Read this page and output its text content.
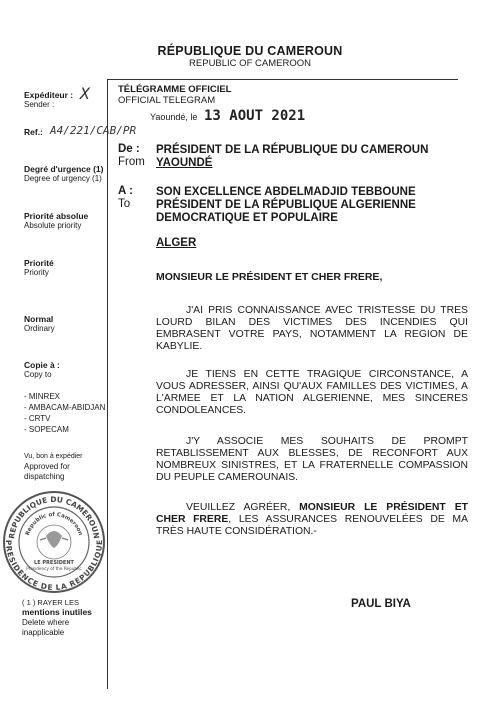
RÉPUBLIQUE DU CAMEROUN
REPUBLIC OF CAMEROON
Expéditeur :
Sender :
X
Ref.: A4/221/CAB/PR
Degré d'urgence (1)
Degree of urgency (1)
Priorité absolue
Absolute priority
Priorité
Priority
Normal
Ordinary
Copie à :
Copy to
- MINREX
- AMBACAM-ABIDJAN
- CRTV
- SOPECAM
Vu, bon à expédier
Approved for
dispatching
REPUBLIQUE DU CAMEROUN
PRESIDENCE DE LA REPUBLIQUE
Republic of Cameroon
LE PRESIDENT
Presidency of the Republic
( 1 ) RAYER LES
mentions inutiles
Delete where
inapplicable
TÉLÉGRAMME OFFICIEL
OFFICIAL TELEGRAM
Yaoundé, le 13 AOUT 2021
De :
From
PRÉSIDENT DE LA RÉPUBLIQUE DU CAMEROUN
YAOUNDÉ
A :
To
SON EXCELLENCE ABDELMADJID TEBBOUNE
PRÉSIDENT DE LA RÉPUBLIQUE ALGERIENNE
DEMOCRATIQUE ET POPULAIRE
ALGER
MONSIEUR LE PRÉSIDENT ET CHER FRERE,
J'AI PRIS CONNAISSANCE AVEC TRISTESSE DU TRES LOURD BILAN DES VICTIMES DES INCENDIES QUI EMBRASENT VOTRE PAYS, NOTAMMENT LA REGION DE KABYLIE.
JE TIENS EN CETTE TRAGIQUE CIRCONSTANCE, A VOUS ADRESSER, AINSI QU'AUX FAMILLES DES VICTIMES, A L'ARMEE ET LA NATION ALGERIENNE, MES SINCERES CONDOLEANCES.
J'Y ASSOCIE MES SOUHAITS DE PROMPT RETABLISSEMENT AUX BLESSES, DE RECONFORT AUX NOMBREUX SINISTRES, ET LA FRATERNELLE COMPASSION DU PEUPLE CAMEROUNAIS.
VEUILLEZ AGRÉER, MONSIEUR LE PRÉSIDENT ET CHER FRERE, LES ASSURANCES RENOUVELÉES DE MA TRÈS HAUTE CONSIDÉRATION.-
PAUL BIYA
